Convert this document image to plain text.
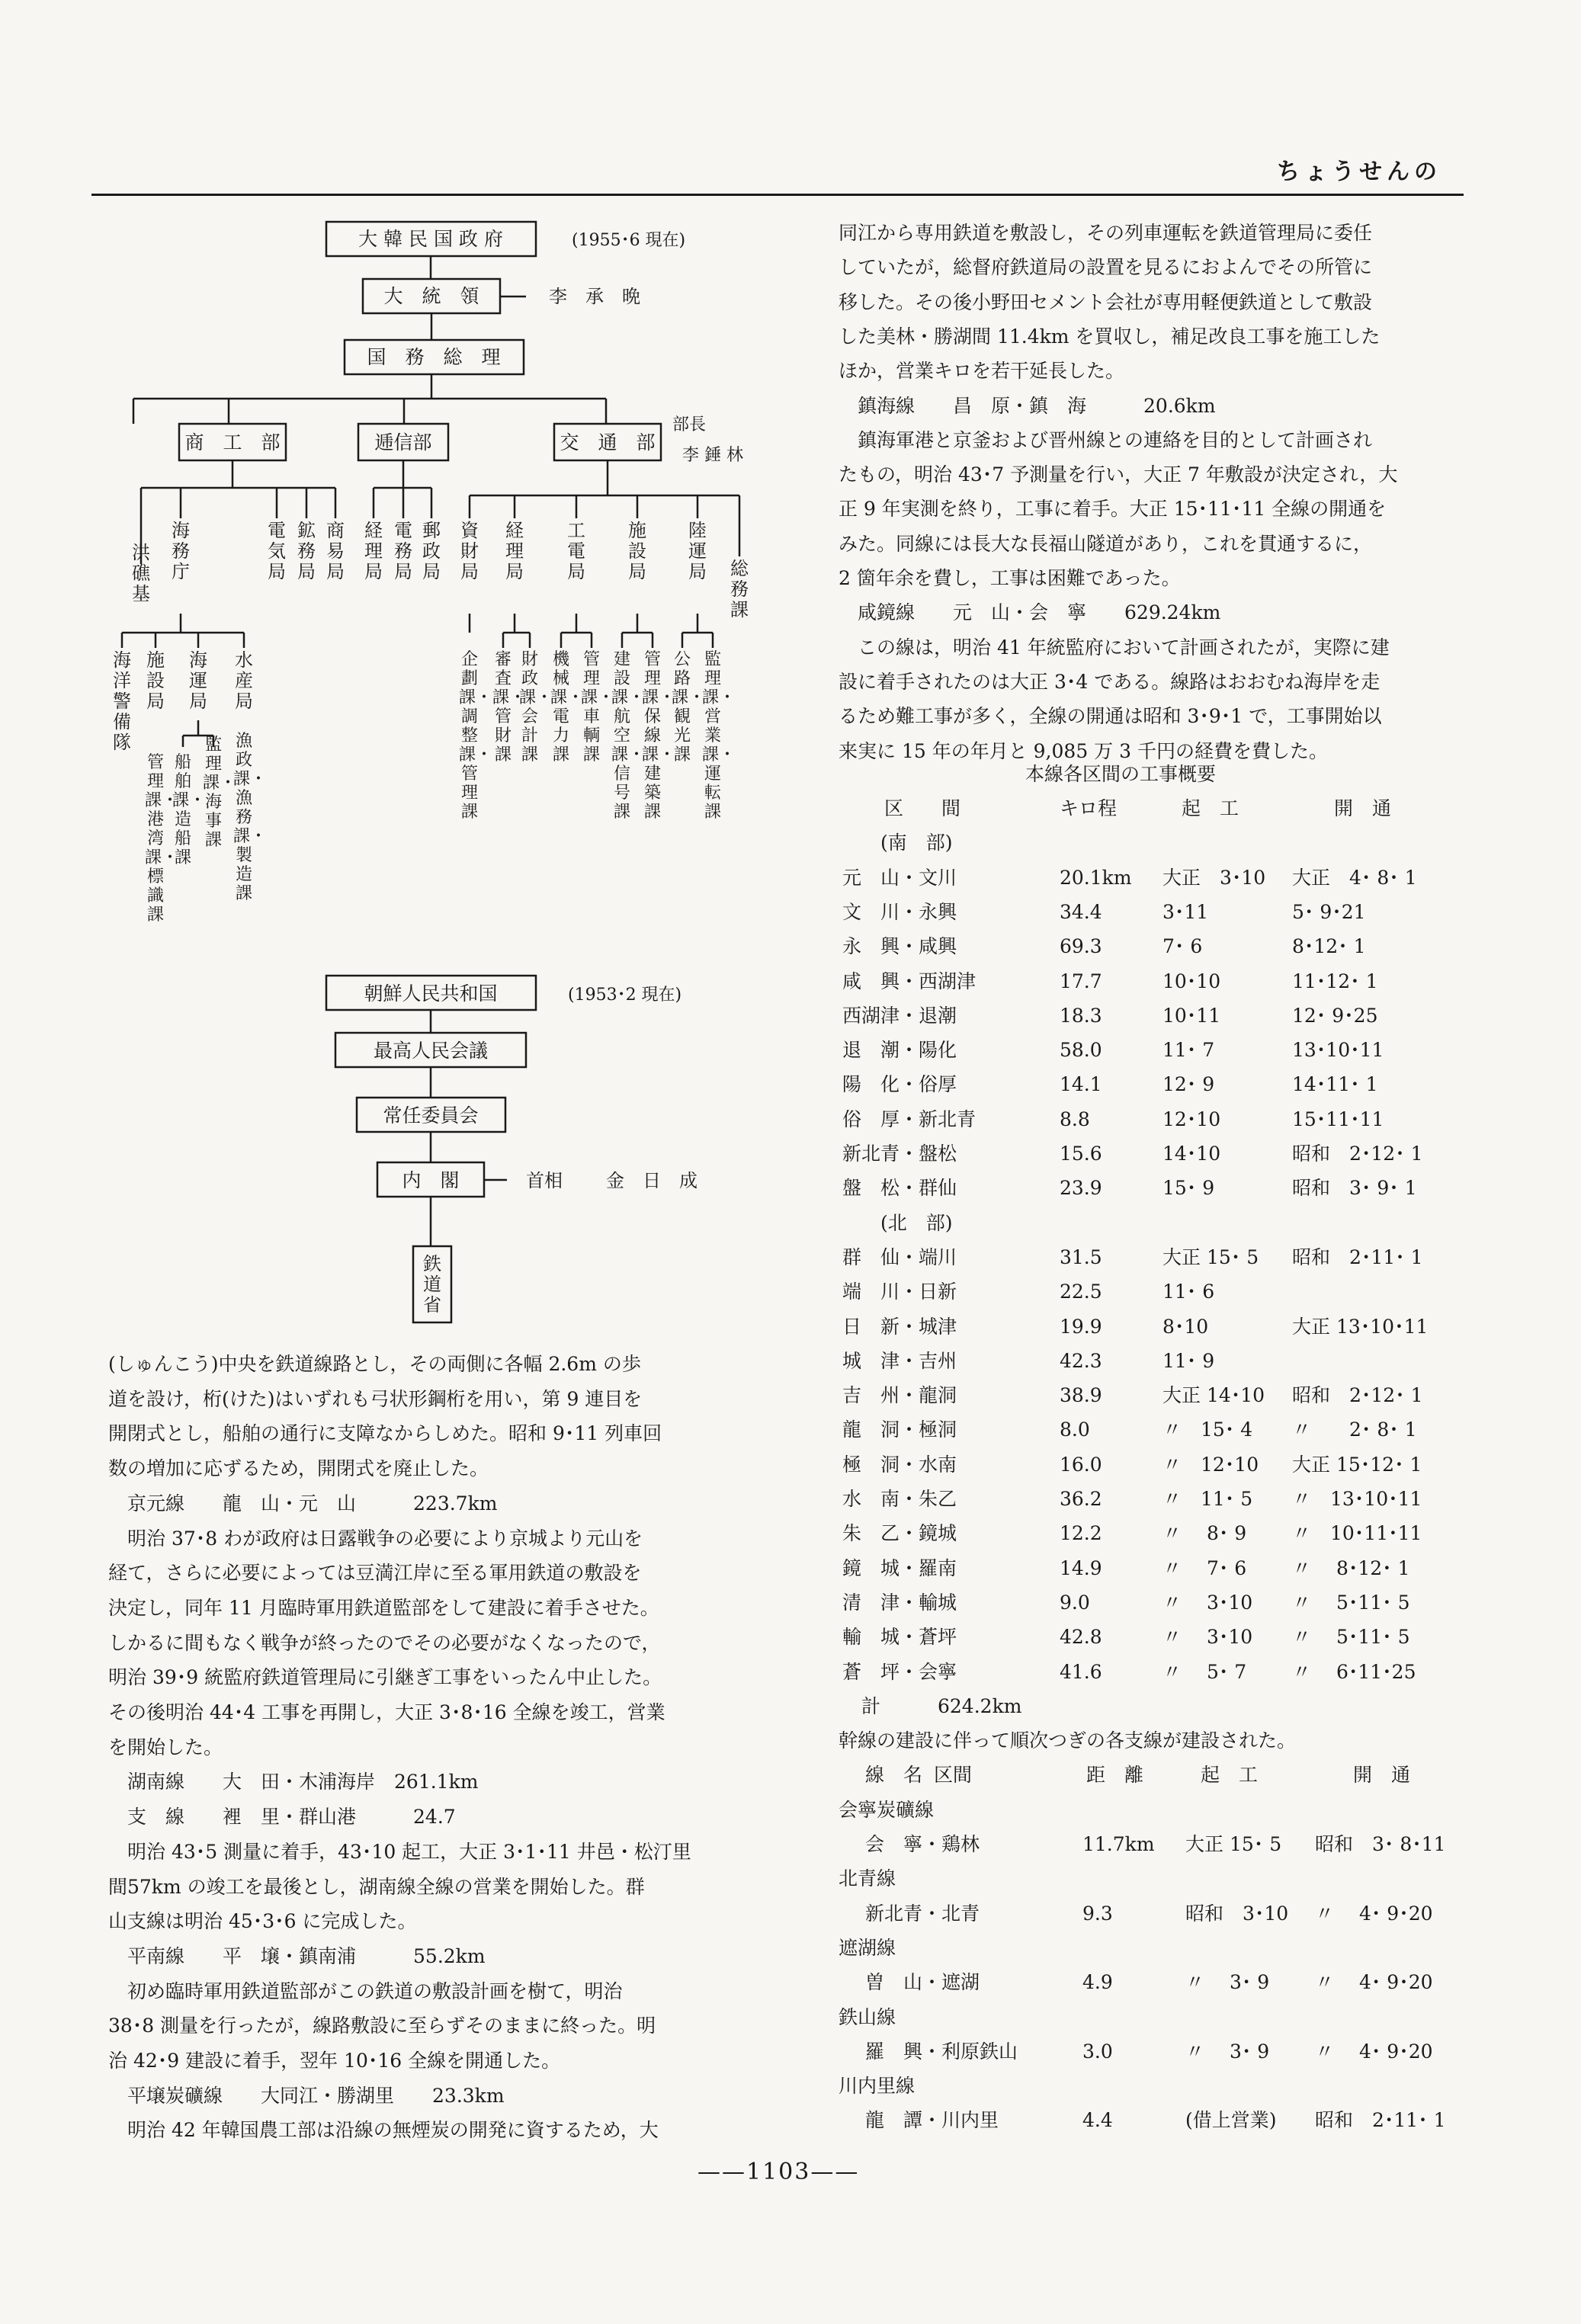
ちょうせんの
大 韓 民 国 政 府	(1955･6 現在)
大　統　領	李　承　晩
国　務　総　理
商　工　部	逓信部	交　通　部
部長
李 錘 林
洪 礁 基
海 務 庁
電 気 局
鉱 務 局
商 易 局
経 理 局
電 務 局
郵 政 局
資 財 局
経 理 局
工 電 局
施 設 局
陸 運 局 総 務 課
海洋警備隊
施設局
海運局
水産局
管理課・港湾課・標識課
船舶課・造船課
監理課・海事課
漁政課・漁務課・製造課
企劃課・調整課・管理課
審査課・管財課
財政課・会計課
機械課・電力課
管理課・車輌課
建設課・航空課・信号課
管理課・保線課・建築課
公路課・観光課
監理課・営業課・運転課
朝鮮人民共和国	(1953･2 現在)
最高人民会議
常任委員会
内　閣	首相 金　日　成
鉄道省
(しゅんこう)中央を鉄道線路とし，その両側に各幅 2.6m の歩
道を設け，桁(けた)はいずれも弓状形鋼桁を用い，第 9 連目を
開閉式とし，船舶の通行に支障なからしめた。昭和 9･11 列車回
数の増加に応ずるため，開閉式を廃止した。
　京元線　　龍　山・元　山　　　223.7km
　明治 37･8 わが政府は日露戦争の必要により京城より元山を
経て，さらに必要によっては豆満江岸に至る軍用鉄道の敷設を
決定し，同年 11 月臨時軍用鉄道監部をして建設に着手させた。
しかるに間もなく戦争が終ったのでその必要がなくなったので，
明治 39･9 統監府鉄道管理局に引継ぎ工事をいったん中止した。
その後明治 44･4 工事を再開し，大正 3･8･16 全線を竣工，営業
を開始した。
　湖南線　　大　田・木浦海岸　261.1km
　支　線　　裡　里・群山港　　　24.7
　明治 43･5 測量に着手，43･10 起工，大正 3･1･11 井邑・松汀里
間57km の竣工を最後とし，湖南線全線の営業を開始した。群
山支線は明治 45･3･6 に完成した。
　平南線　　平　壌・鎮南浦　　　55.2km
　初め臨時軍用鉄道監部がこの鉄道の敷設計画を樹て，明治
38･8 測量を行ったが，線路敷設に至らずそのままに終った。明
治 42･9 建設に着手，翌年 10･16 全線を開通した。
　平壌炭礦線　　大同江・勝湖里　　23.3km
　明治 42 年韓国農工部は沿線の無煙炭の開発に資するため，大
同江から専用鉄道を敷設し，その列車運転を鉄道管理局に委任
していたが，総督府鉄道局の設置を見るにおよんでその所管に
移した。その後小野田セメント会社が専用軽便鉄道として敷設
した美林・勝湖間 11.4km を買収し，補足改良工事を施工した
ほか，営業キロを若干延長した。
　鎮海線　　昌　原・鎮　海　　　20.6km
　鎮海軍港と京釜および晋州線との連絡を目的として計画され
たもの，明治 43･7 予測量を行い，大正 7 年敷設が決定され，大
正 9 年実測を終り，工事に着手。大正 15･11･11 全線の開通を
みた。同線には長大な長福山隧道があり，これを貫通するに，
2 箇年余を費し，工事は困難であった。
　咸鏡線　　元　山・会　寧　　629.24km
　この線は，明治 41 年統監府において計画されたが，実際に建
設に着手されたのは大正 3･4 である。線路はおおむね海岸を走
るため難工事が多く，全線の開通は昭和 3･9･1 で，工事開始以
来実に 15 年の年月と 9,085 万 3 千円の経費を費した。
本線各区間の工事概要
区　　間	キロ程	起　工	開　通
(南　部)
元　山・文川	20.1km 大正　3･10 大正　4･ 8･ 1
文　川・永興	34.4	3･11	5･ 9･21
永　興・咸興	69.3	7･ 6	8･12･ 1
咸　興・西湖津	17.7	10･10	11･12･ 1
西湖津・退潮	18.3	10･11	12･ 9･25
退　潮・陽化	58.0	11･ 7	13･10･11
陽　化・俗厚	14.1	12･ 9	14･11･ 1
俗　厚・新北青	8.8	12･10	15･11･11
新北青・盤松	15.6	14･10	昭和　2･12･ 1
盤　松・群仙	23.9	15･ 9	昭和　3･ 9･ 1
(北　部)
群　仙・端川	31.5	大正 15･ 5 昭和　2･11･ 1
端　川・日新	22.5	11･ 6
日　新・城津	19.9	8･10	大正 13･10･11
城　津・吉州	42.3	11･ 9
吉　州・龍洞	38.9	大正 14･10 昭和　2･12･ 1
龍　洞・極洞	8.0	〃　15･ 4 〃　　2･ 8･ 1
極　洞・水南	16.0	〃　12･10 大正 15･12･ 1
水　南・朱乙	36.2	〃　11･ 5 〃　13･10･11
朱　乙・鏡城	12.2	〃　 8･ 9 〃　10･11･11
鏡　城・羅南	14.9	〃　 7･ 6 〃　 8･12･ 1
清　津・輸城	9.0	〃　 3･10 〃　 5･11･ 5
輸　城・蒼坪	42.8	〃　 3･10 〃　 5･11･ 5
蒼　坪・会寧	41.6	〃　 5･ 7 〃　 6･11･25
計　　　624.2km
幹線の建設に伴って順次つぎの各支線が建設された。
線　名 区間	距　離	起　工	開　通
会寧炭礦線
会　寧・鶏林	11.7km 大正 15･ 5 昭和　3･ 8･11
北青線
新北青・北青	9.3	昭和　3･10 〃　 4･ 9･20
遮湖線
曽　山・遮湖	4.9	〃　 3･ 9 〃　 4･ 9･20
鉄山線
羅　興・利原鉄山	3.0	〃　 3･ 9 〃　 4･ 9･20
川内里線
龍　譚・川内里	4.4	(借上営業) 昭和　2･11･ 1
——1103——
